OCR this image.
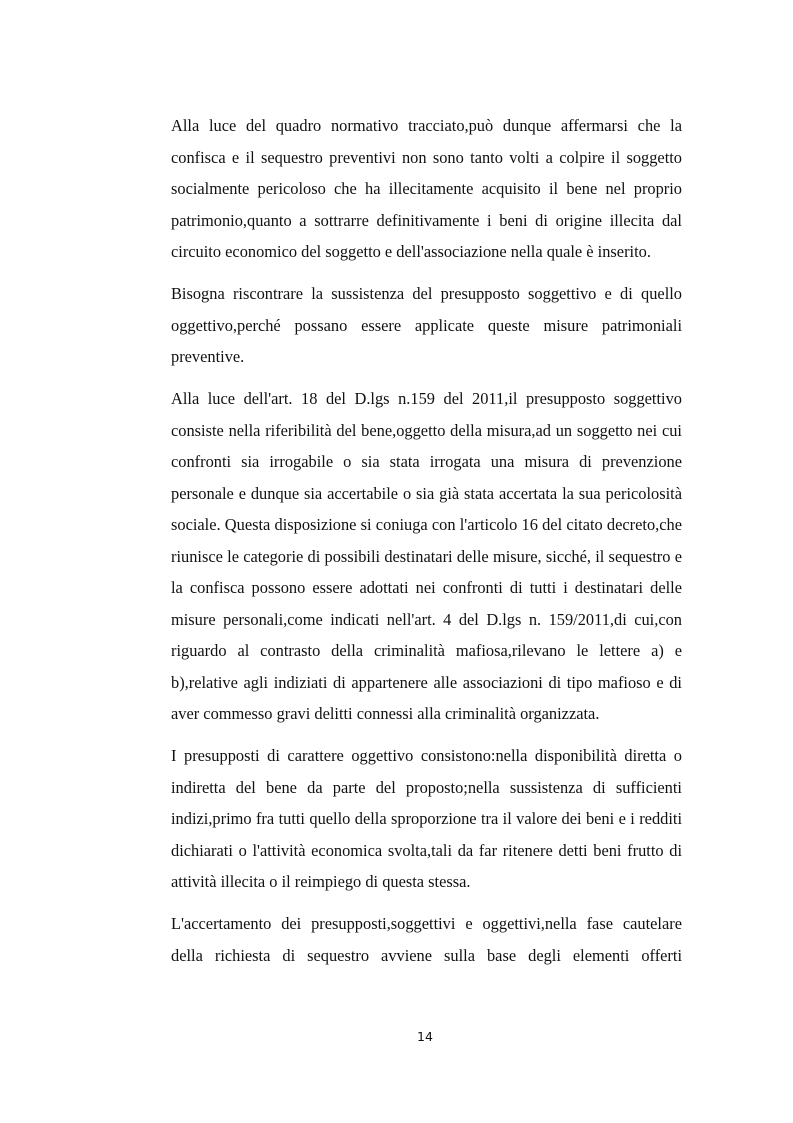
Alla luce del quadro normativo tracciato,può dunque affermarsi che la confisca e il sequestro preventivi non sono tanto volti a colpire il soggetto socialmente pericoloso che ha illecitamente acquisito il bene nel proprio patrimonio,quanto a sottrarre definitivamente i beni di origine illecita dal circuito economico del soggetto e dell'associazione nella quale è inserito.

Bisogna riscontrare la sussistenza del presupposto soggettivo e di quello oggettivo,perché possano essere applicate queste misure patrimoniali preventive.

Alla luce dell'art. 18 del D.lgs n.159 del 2011,il presupposto soggettivo consiste nella riferibilità del bene,oggetto della misura,ad un soggetto nei cui confronti sia irrogabile o sia stata irrogata una misura di prevenzione personale e dunque sia accertabile o sia già stata accertata la sua pericolosità sociale. Questa disposizione si coniuga con l'articolo 16 del citato decreto,che riunisce le categorie di possibili destinatari delle misure, sicché, il sequestro e la confisca possono essere adottati nei confronti di tutti i destinatari delle misure personali,come indicati nell'art. 4 del D.lgs n. 159/2011,di cui,con riguardo al contrasto della criminalità mafiosa,rilevano le lettere a) e b),relative agli indiziati di appartenere alle associazioni di tipo mafioso e di aver commesso gravi delitti connessi alla criminalità organizzata.

I presupposti di carattere oggettivo consistono:nella disponibilità diretta o indiretta del bene da parte del proposto;nella sussistenza di sufficienti indizi,primo fra tutti quello della sproporzione tra il valore dei beni e i redditi dichiarati o l'attività economica svolta,tali da far ritenere detti beni frutto di attività illecita o il reimpiego di questa stessa.

L'accertamento dei presupposti,soggettivi e oggettivi,nella fase cautelare della richiesta di sequestro avviene sulla base degli elementi offerti

14
